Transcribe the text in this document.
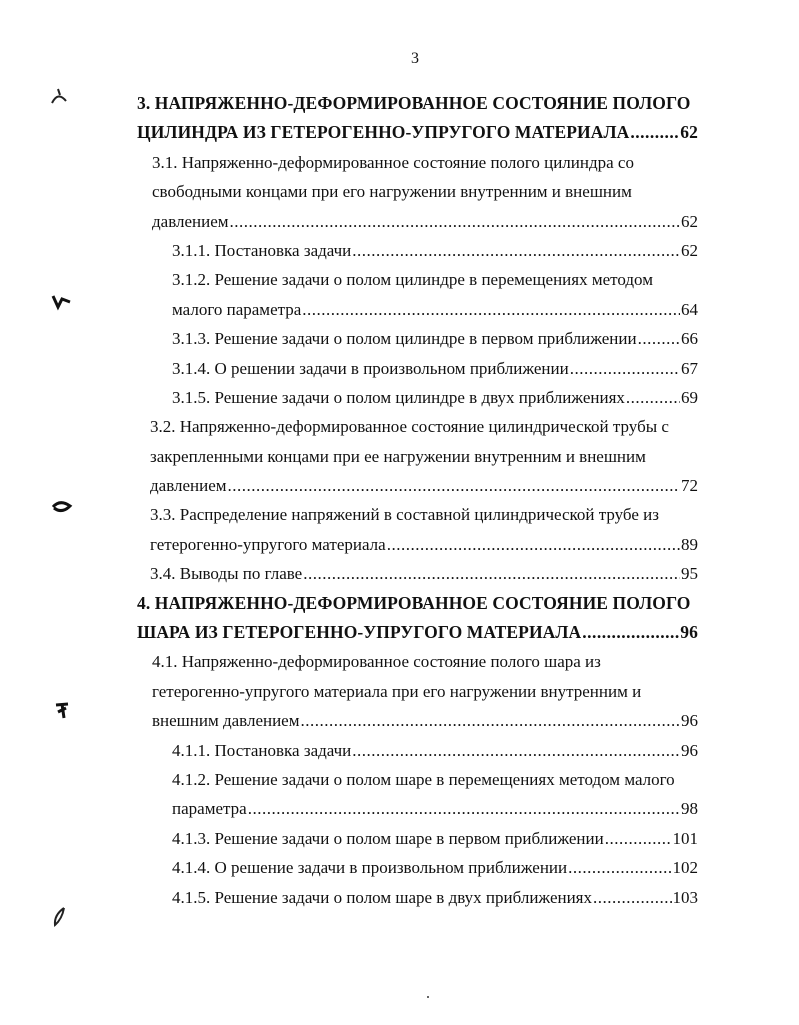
3
3. НАПРЯЖЕННО-ДЕФОРМИРОВАННОЕ СОСТОЯНИЕ ПОЛОГО
ЦИЛИНДРА ИЗ ГЕТЕРОГЕННО-УПРУГОГО МАТЕРИАЛА .....	62
3.1. Напряженно-деформированное состояние полого цилиндра со
свободными концами при его нагружении внутренним и внешним
давлением .....	62
3.1.1. Постановка задачи .....	62
3.1.2. Решение задачи о полом цилиндре в перемещениях методом
малого параметра .....	64
3.1.3. Решение задачи о полом цилиндре в первом приближении .....	66
3.1.4. О решении задачи в произвольном приближении .....	67
3.1.5. Решение задачи о полом цилиндре в двух приближениях .....	69
3.2. Напряженно-деформированное состояние цилиндрической трубы с
закрепленными концами при ее нагружении внутренним и внешним
давлением .....	72
3.3. Распределение напряжений в составной цилиндрической трубе из
гетерогенно-упругого материала .....	89
3.4. Выводы по главе .....	95
4. НАПРЯЖЕННО-ДЕФОРМИРОВАННОЕ СОСТОЯНИЕ ПОЛОГО
ШАРА ИЗ ГЕТЕРОГЕННО-УПРУГОГО МАТЕРИАЛА .....	96
4.1. Напряженно-деформированное состояние полого шара из
гетерогенно-упругого материала при его нагружении внутренним и
внешним давлением .....	96
4.1.1. Постановка задачи .....	96
4.1.2. Решение задачи о полом шаре в перемещениях методом малого
параметра .....	98
4.1.3. Решение задачи о полом шаре в первом приближении .....	101
4.1.4. О решение задачи в произвольном приближении .....	102
4.1.5. Решение задачи о полом шаре в двух приближениях .....	103
